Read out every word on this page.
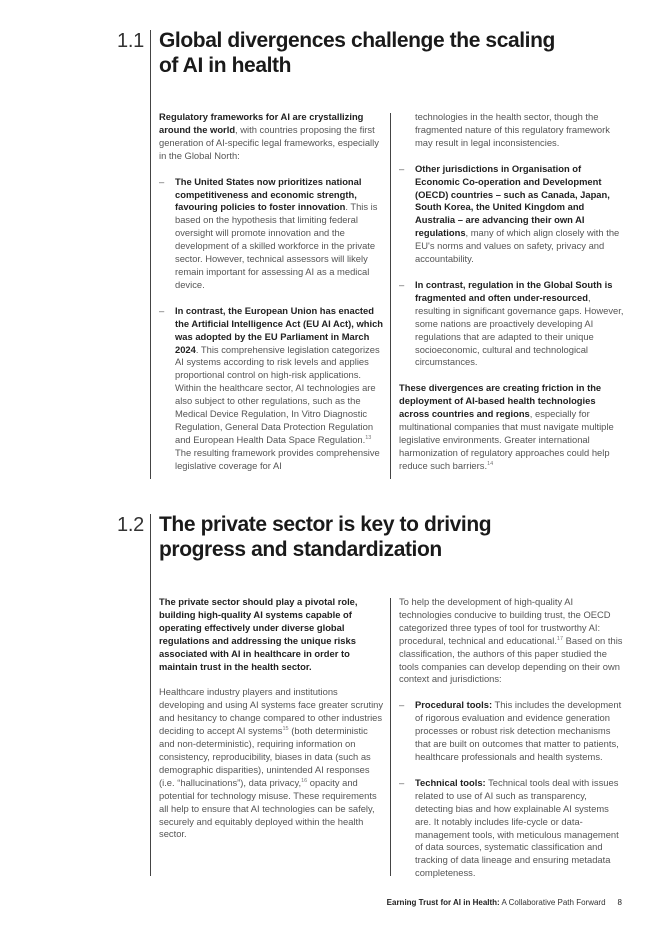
1.1 Global divergences challenge the scaling of AI in health

Regulatory frameworks for AI are crystallizing around the world, with countries proposing the first generation of AI-specific legal frameworks, especially in the Global North:

– The United States now prioritizes national competitiveness and economic strength, favouring policies to foster innovation. This is based on the hypothesis that limiting federal oversight will promote innovation and the development of a skilled workforce in the private sector. However, technical assessors will likely remain important for assessing AI as a medical device.
– In contrast, the European Union has enacted the Artificial Intelligence Act (EU AI Act), which was adopted by the EU Parliament in March 2024. This comprehensive legislation categorizes AI systems according to risk levels and applies proportional control on high-risk applications. Within the healthcare sector, AI technologies are also subject to other regulations, such as the Medical Device Regulation, In Vitro Diagnostic Regulation, General Data Protection Regulation and European Health Data Space Regulation.$^{13}$ The resulting framework provides comprehensive legislative coverage for AI
technologies in the health sector, though the fragmented nature of this regulatory framework may result in legal inconsistencies.
– Other jurisdictions in Organisation of Economic Co-operation and Development (OECD) countries – such as Canada, Japan, South Korea, the United Kingdom and Australia – are advancing their own AI regulations, many of which align closely with the EU's norms and values on safety, privacy and accountability.
– In contrast, regulation in the Global South is fragmented and often under-resourced, resulting in significant governance gaps. However, some nations are proactively developing AI regulations that are adapted to their unique socioeconomic, cultural and technological circumstances.

These divergences are creating friction in the deployment of AI-based health technologies across countries and regions, especially for multinational companies that must navigate multiple legislative environments. Greater international harmonization of regulatory approaches could help reduce such barriers.$^{14}$

1.2 The private sector is key to driving progress and standardization

The private sector should play a pivotal role, building high-quality AI systems capable of operating effectively under diverse global regulations and addressing the unique risks associated with AI in healthcare in order to maintain trust in the health sector.

Healthcare industry players and institutions developing and using AI systems face greater scrutiny and hesitancy to change compared to other industries deciding to accept AI systems$^{15}$ (both deterministic and non-deterministic), requiring information on consistency, reproducibility, biases in data (such as demographic disparities), unintended AI responses (i.e. “hallucinations”), data privacy,$^{16}$ opacity and potential for technology misuse. These requirements all help to ensure that AI technologies can be safely, securely and equitably deployed within the health sector.

To help the development of high-quality AI technologies conducive to building trust, the OECD categorized three types of tool for trustworthy AI: procedural, technical and educational.$^{17}$ Based on this classification, the authors of this paper studied the tools companies can develop depending on their own context and jurisdictions:

– Procedural tools: This includes the development of rigorous evaluation and evidence generation processes or robust risk detection mechanisms that are built on outcomes that matter to patients, healthcare professionals and health systems.
– Technical tools: Technical tools deal with issues related to use of AI such as transparency, detecting bias and how explainable AI systems are. It notably includes life-cycle or data-management tools, with meticulous management of data sources, systematic classification and tracking of data lineage and ensuring metadata completeness.
Earning Trust for AI in Health: A Collaborative Path Forward 8
